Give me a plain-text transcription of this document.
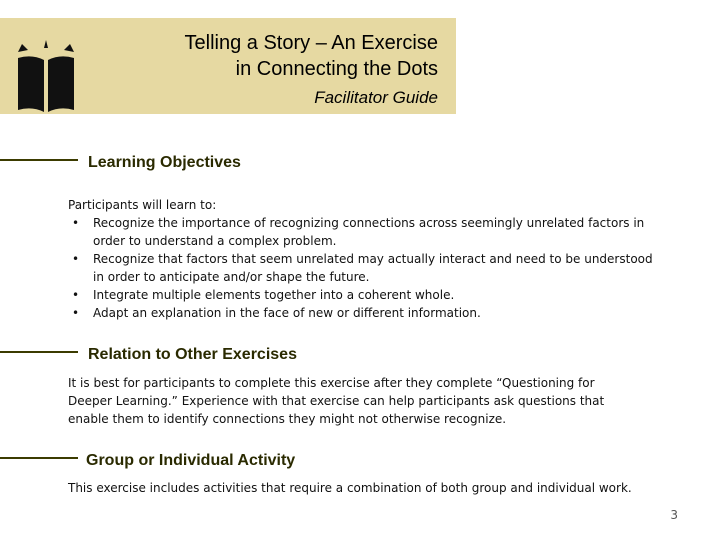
Telling a Story – An Exercise
in Connecting the Dots
Facilitator Guide
Learning Objectives
Participants will learn to:
• Recognize the importance of recognizing connections across seemingly unrelated factors in order to understand a complex problem.
• Recognize that factors that seem unrelated may actually interact and need to be understood in order to anticipate and/or shape the future.
• Integrate multiple elements together into a coherent whole.
• Adapt an explanation in the face of new or different information.
Relation to Other Exercises
It is best for participants to complete this exercise after they complete “Questioning for Deeper Learning.” Experience with that exercise can help participants ask questions that enable them to identify connections they might not otherwise recognize.
Group or Individual Activity
This exercise includes activities that require a combination of both group and individual work.
3
